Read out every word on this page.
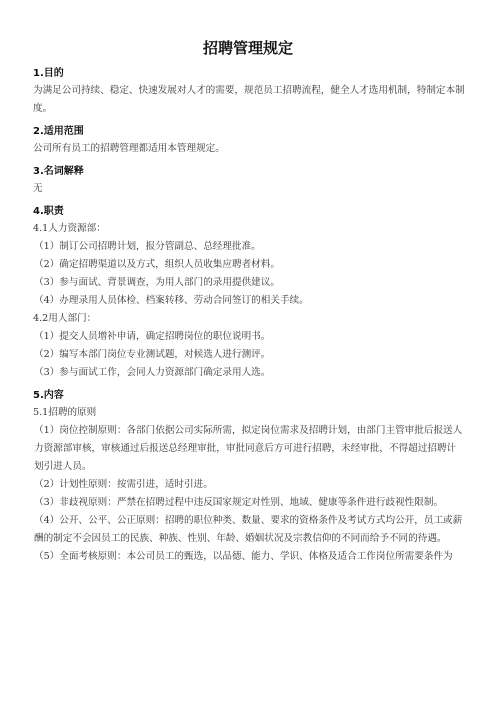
招聘管理规定
1.目的
为满足公司持续、稳定、快速发展对人才的需要，规范员工招聘流程，健全人才选用机制，特制定本制度。
2.适用范围
公司所有员工的招聘管理都适用本管理规定。
3.名词解释
无
4.职责
4.1人力资源部：
（1）制订公司招聘计划，报分管副总、总经理批准。
（2）确定招聘渠道以及方式，组织人员收集应聘者材料。
（3）参与面试、背景调查，为用人部门的录用提供建议。
（4）办理录用人员体检、档案转移、劳动合同签订的相关手续。
4.2用人部门：
（1）提交人员增补申请，确定招聘岗位的职位说明书。
（2）编写本部门岗位专业测试题，对候选人进行测评。
（3）参与面试工作，会同人力资源部门确定录用人选。
5.内容
5.1招聘的原则
（1）岗位控制原则：各部门依据公司实际所需，拟定岗位需求及招聘计划，由部门主管审批后报送人力资源部审核，审核通过后报送总经理审批，审批同意后方可进行招聘，未经审批，不得超过招聘计划引进人员。
（2）计划性原则：按需引进，适时引进。
（3）非歧视原则：严禁在招聘过程中违反国家规定对性别、地域、健康等条件进行歧视性限制。
（4）公开、公平、公正原则：招聘的职位种类、数量、要求的资格条件及考试方式均公开，员工或薪酬的制定不会因员工的民族、种族、性别、年龄、婚姻状况及宗教信仰的不同而给予不同的待遇。
（5）全面考核原则：本公司员工的甄选，以品德、能力、学识、体格及适合工作岗位所需要条件为
